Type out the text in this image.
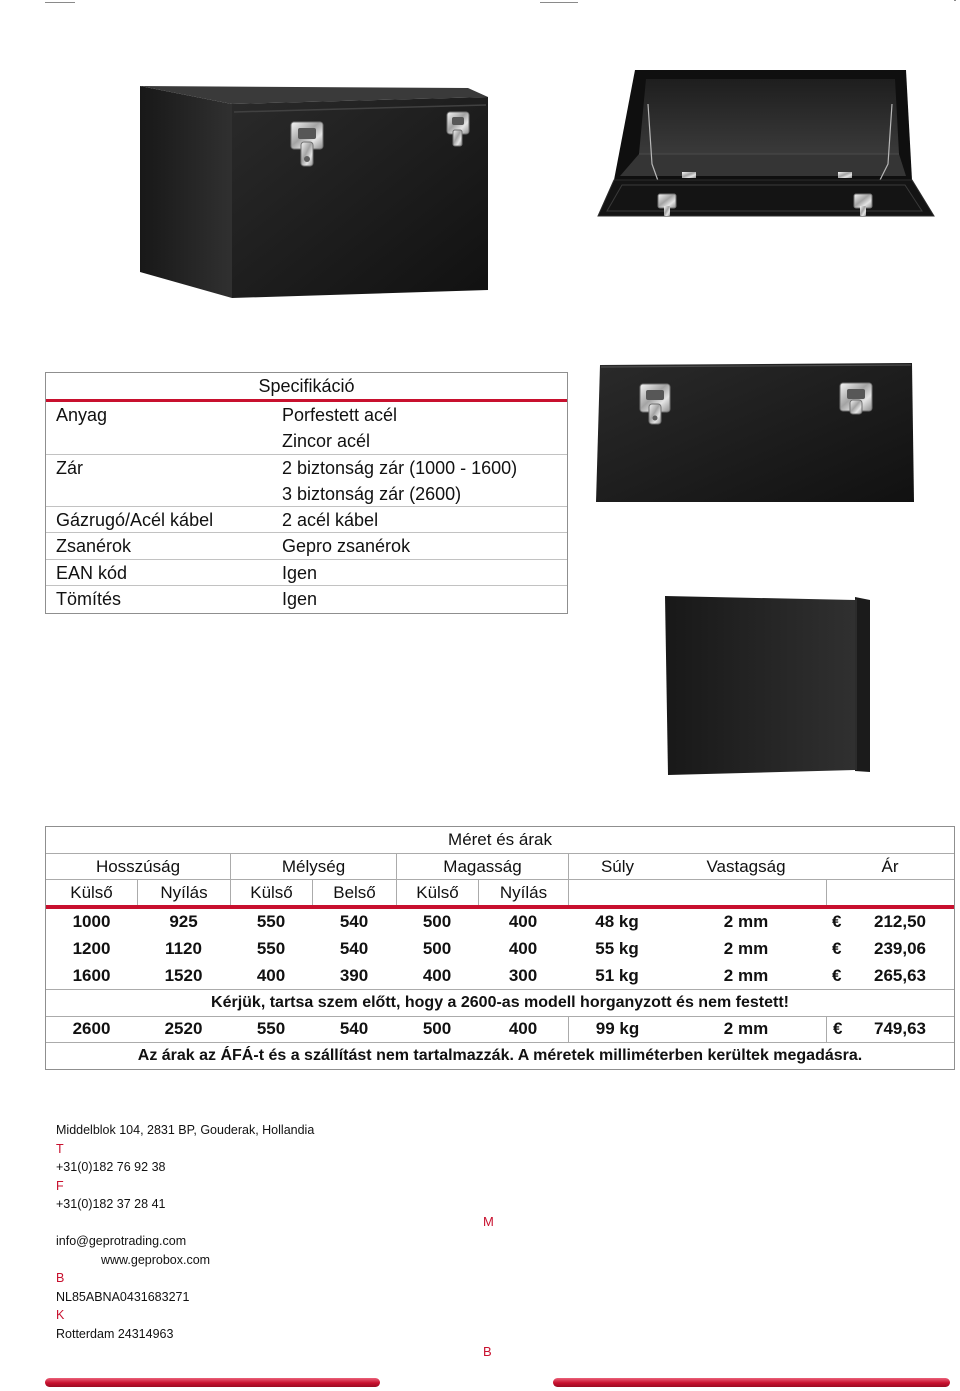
Specifikáció
Anyag	Porfestett acél
Zincor acél
Zár	2 biztonság zár (1000 - 1600)
3 biztonság zár (2600)
Gázrugó/Acél kábel	2 acél kábel
Zsanérok	Gepro zsanérok
EAN kód	Igen
Tömítés	Igen
Méret és árak
Hosszúság	Mélység	Magasság	Súly	Vastagság	Ár
Külső	Nyílás	Külső	Belső	Külső	Nyílás
1000	925	550	540	500	400	48 kg	2 mm	€ 212,50
1200	1120	550	540	500	400	55 kg	2 mm	€ 239,06
1600	1520	400	390	400	300	51 kg	2 mm	€ 265,63
Kérjük, tartsa szem előtt, hogy a 2600-as modell horganyzott és nem festett!
2600	2520	550	540	500	400	99 kg	2 mm	€ 749,63
Az árak az ÁFÁ-t és a szállítást nem tartalmazzák. A méretek milliméterben kerültek megadásra.
Middelblok 104, 2831 BP, Gouderak, Hollandia
T
+31(0)182 76 92 38
F
+31(0)182 37 28 41
info@geprotrading.com
www.geprobox.com
B
NL85ABNA0431683271
K
Rotterdam 24314963
M
B
